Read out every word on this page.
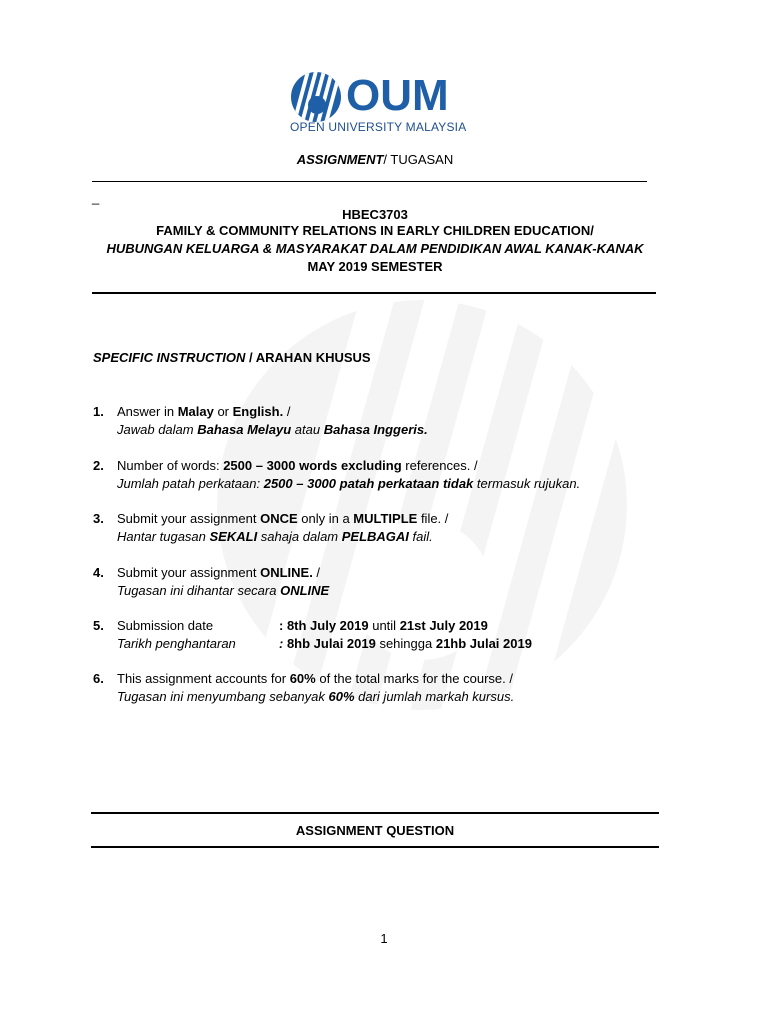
OUM
OPEN UNIVERSITY MALAYSIA
ASSIGNMENT/ TUGASAN
_
HBEC3703
FAMILY & COMMUNITY RELATIONS IN EARLY CHILDREN EDUCATION/
HUBUNGAN KELUARGA & MASYARAKAT DALAM PENDIDIKAN AWAL KANAK-KANAK
MAY 2019 SEMESTER
SPECIFIC INSTRUCTION / ARAHAN KHUSUS
1. Answer in Malay or English. /
Jawab dalam Bahasa Melayu atau Bahasa Inggeris.
2. Number of words: 2500 – 3000 words excluding references. /
Jumlah patah perkataan: 2500 – 3000 patah perkataan tidak termasuk rujukan.
3. Submit your assignment ONCE only in a MULTIPLE file. /
Hantar tugasan SEKALI sahaja dalam PELBAGAI fail.
4. Submit your assignment ONLINE. /
Tugasan ini dihantar secara ONLINE
5. Submission date	: 8th July 2019 until 21st July 2019
Tarikh penghantaran	: 8hb Julai 2019 sehingga 21hb Julai 2019
6. This assignment accounts for 60% of the total marks for the course. /
Tugasan ini menyumbang sebanyak 60% dari jumlah markah kursus.
ASSIGNMENT QUESTION
1
